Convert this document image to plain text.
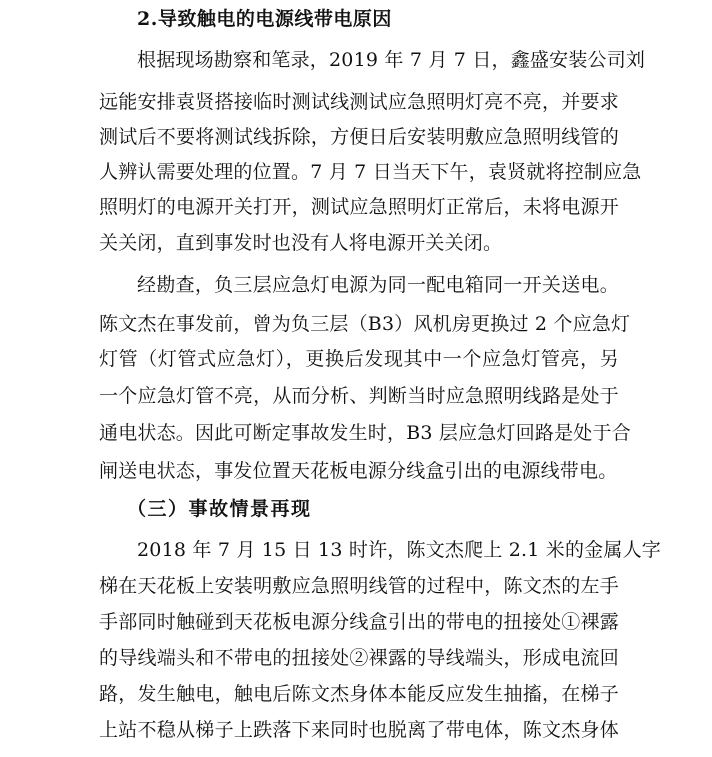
2.导致触电的电源线带电原因
根据现场勘察和笔录，2019 年 7 月 7 日，鑫盛安装公司刘
远能安排袁贤搭接临时测试线测试应急照明灯亮不亮，并要求
测试后不要将测试线拆除，方便日后安装明敷应急照明线管的
人辨认需要处理的位置。7 月 7 日当天下午，袁贤就将控制应急
照明灯的电源开关打开，测试应急照明灯正常后，未将电源开
关关闭，直到事发时也没有人将电源开关关闭。
经勘查，负三层应急灯电源为同一配电箱同一开关送电。
陈文杰在事发前，曾为负三层（B3）风机房更换过 2 个应急灯
灯管（灯管式应急灯），更换后发现其中一个应急灯管亮，另
一个应急灯管不亮，从而分析、判断当时应急照明线路是处于
通电状态。因此可断定事故发生时，B3 层应急灯回路是处于合
闸送电状态，事发位置天花板电源分线盒引出的电源线带电。
（三）事故情景再现
2018 年 7 月 15 日 13 时许，陈文杰爬上 2.1 米的金属人字
梯在天花板上安装明敷应急照明线管的过程中，陈文杰的左手
手部同时触碰到天花板电源分线盒引出的带电的扭接处①裸露
的导线端头和不带电的扭接处②裸露的导线端头，形成电流回
路，发生触电，触电后陈文杰身体本能反应发生抽搐，在梯子
上站不稳从梯子上跌落下来同时也脱离了带电体，陈文杰身体
